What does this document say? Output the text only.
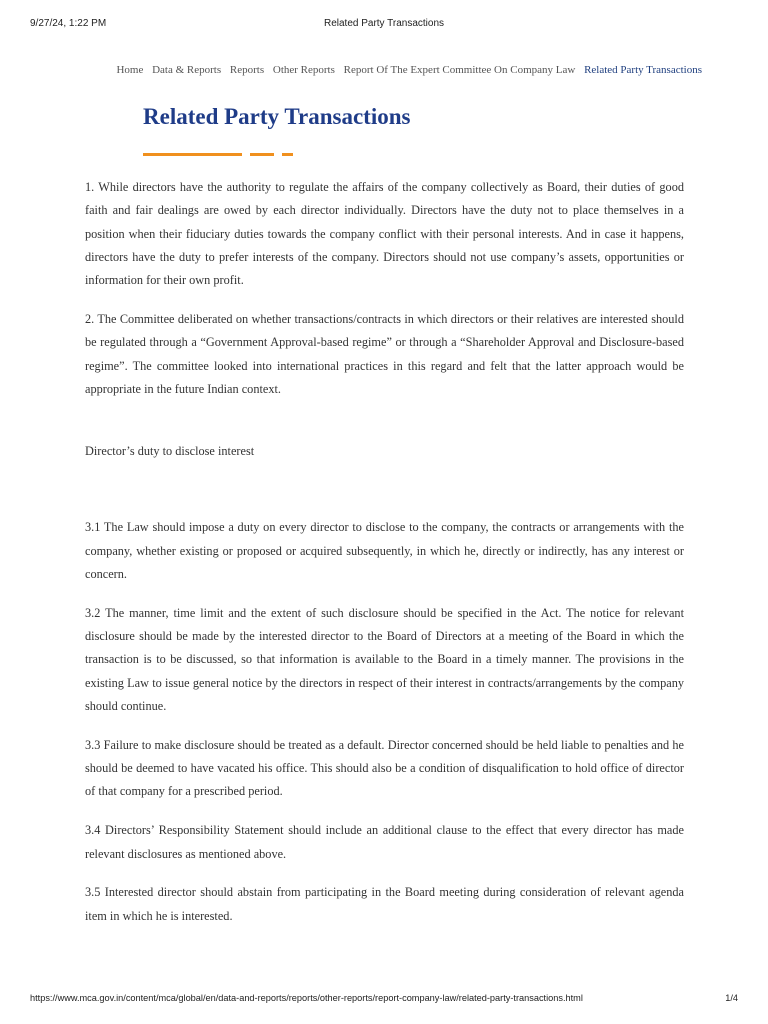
9/27/24, 1:22 PM	Related Party Transactions
Home Data & Reports Reports Other Reports Report Of The Expert Committee On Company Law Related Party Transactions
Related Party Transactions

1. While directors have the authority to regulate the affairs of the company collectively as Board, their duties of good faith and fair dealings are owed by each director individually. Directors have the duty not to place themselves in a position when their fiduciary duties towards the company conflict with their personal interests. And in case it happens, directors have the duty to prefer interests of the company. Directors should not use company’s assets, opportunities or information for their own profit.

2. The Committee deliberated on whether transactions/contracts in which directors or their relatives are interested should be regulated through a “Government Approval-based regime” or through a “Shareholder Approval and Disclosure-based regime”. The committee looked into international practices in this regard and felt that the latter approach would be appropriate in the future Indian context.

Director’s duty to disclose interest

3.1 The Law should impose a duty on every director to disclose to the company, the contracts or arrangements with the company, whether existing or proposed or acquired subsequently, in which he, directly or indirectly, has any interest or concern.

3.2 The manner, time limit and the extent of such disclosure should be specified in the Act. The notice for relevant disclosure should be made by the interested director to the Board of Directors at a meeting of the Board in which the transaction is to be discussed, so that information is available to the Board in a timely manner. The provisions in the existing Law to issue general notice by the directors in respect of their interest in contracts/arrangements by the company should continue.

3.3 Failure to make disclosure should be treated as a default. Director concerned should be held liable to penalties and he should be deemed to have vacated his office. This should also be a condition of disqualification to hold office of director of that company for a prescribed period.

3.4 Directors’ Responsibility Statement should include an additional clause to the effect that every director has made relevant disclosures as mentioned above.

3.5 Interested director should abstain from participating in the Board meeting during consideration of relevant agenda item in which he is interested.

https://www.mca.gov.in/content/mca/global/en/data-and-reports/reports/other-reports/report-company-law/related-party-transactions.html	1/4
